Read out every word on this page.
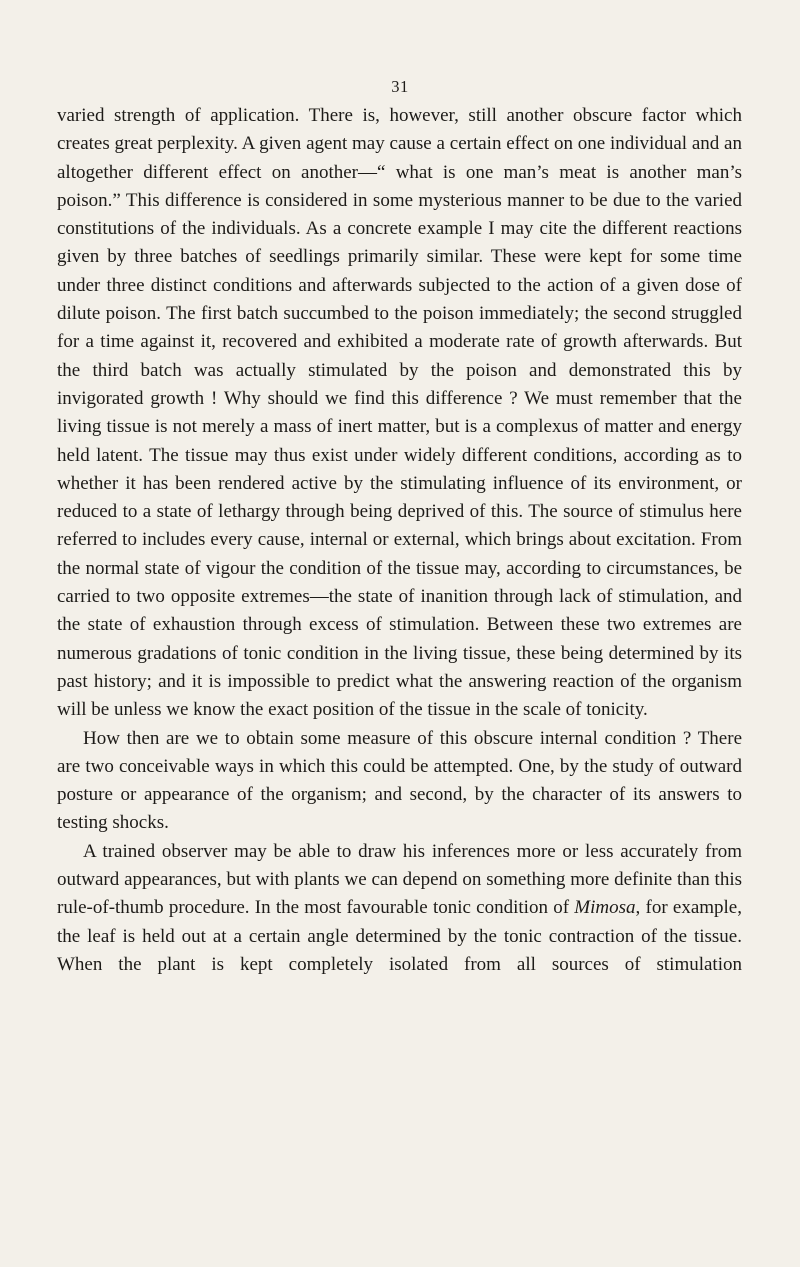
31

varied strength of application. There is, however, still another obscure factor which creates great perplexity. A given agent may cause a certain effect on one individual and an altogether different effect on another—“ what is one man’s meat is another man’s poison.” This difference is considered in some mysterious manner to be due to the varied constitutions of the individuals. As a concrete example I may cite the different reactions given by three batches of seedlings primarily similar. These were kept for some time under three distinct conditions and afterwards subjected to the action of a given dose of dilute poison. The first batch succumbed to the poison immediately; the second struggled for a time against it, recovered and exhibited a moderate rate of growth afterwards. But the third batch was actually stimulated by the poison and demonstrated this by invigorated growth ! Why should we find this difference ? We must remember that the living tissue is not merely a mass of inert matter, but is a complexus of matter and energy held latent. The tissue may thus exist under widely different conditions, according as to whether it has been rendered active by the stimulating influence of its environment, or reduced to a state of lethargy through being deprived of this. The source of stimulus here referred to includes every cause, internal or external, which brings about excitation. From the normal state of vigour the condition of the tissue may, according to circumstances, be carried to two opposite extremes—the state of inanition through lack of stimulation, and the state of exhaustion through excess of stimulation. Between these two extremes are numerous gradations of tonic condition in the living tissue, these being determined by its past history; and it is impossible to predict what the answering reaction of the organism will be unless we know the exact position of the tissue in the scale of tonicity.

How then are we to obtain some measure of this obscure internal condition ? There are two conceivable ways in which this could be attempted. One, by the study of outward posture or appearance of the organism; and second, by the character of its answers to testing shocks.

A trained observer may be able to draw his inferences more or less accurately from outward appearances, but with plants we can depend on something more definite than this rule-of-thumb procedure. In the most favourable tonic condition of Mimosa, for example, the leaf is held out at a certain angle determined by the tonic contraction of the tissue. When the plant is kept completely isolated from all sources of stimulation
